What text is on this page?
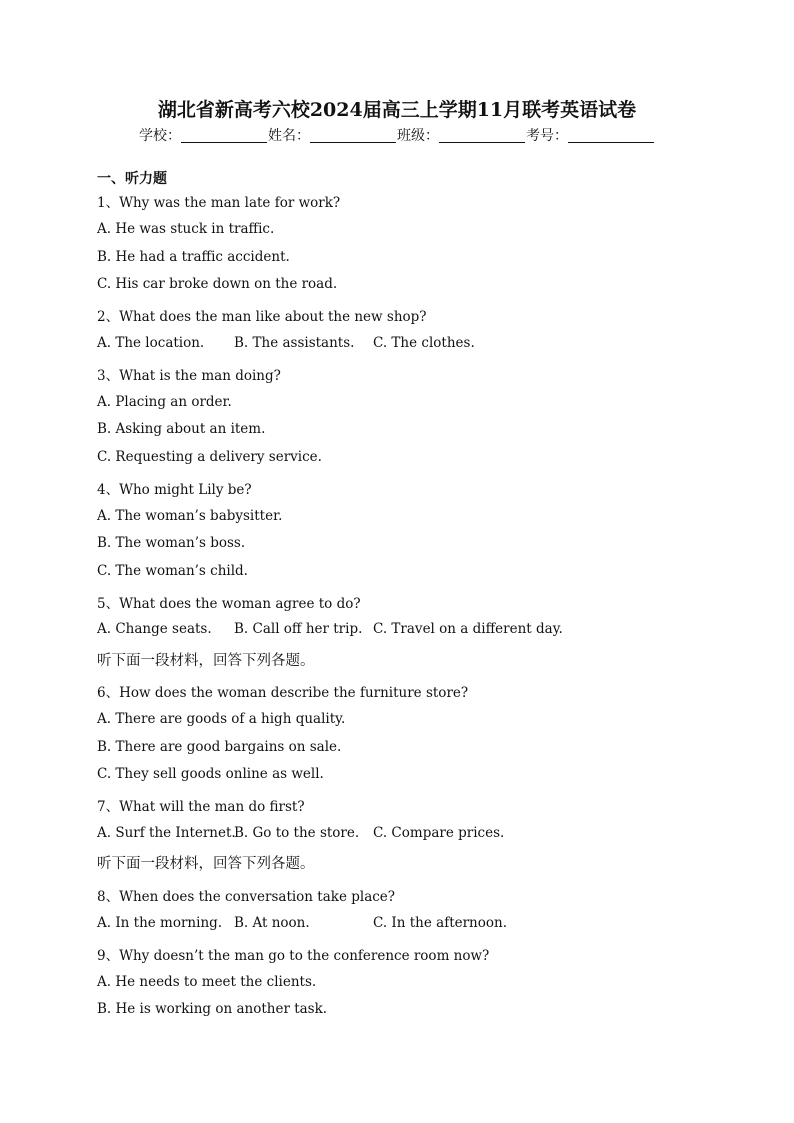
湖北省新高考六校2024届高三上学期11月联考英语试卷
学校：	姓名：	班级：	考号：
一、听力题
1、Why was the man late for work?
A. He was stuck in traffic.
B. He had a traffic accident.
C. His car broke down on the road.
2、What does the man like about the new shop?
A. The location. B. The assistants. C. The clothes.
3、What is the man doing?
A. Placing an order.
B. Asking about an item.
C. Requesting a delivery service.
4、Who might Lily be?
A. The woman’s babysitter.
B. The woman’s boss.
C. The woman’s child.
5、What does the woman agree to do?
A. Change seats. B. Call off her trip. C. Travel on a different day.
听下面一段材料，回答下列各题。
6、How does the woman describe the furniture store?
A. There are goods of a high quality.
B. There are good bargains on sale.
C. They sell goods online as well.
7、What will the man do first?
A. Surf the Internet.
B. Go to the store. C. Compare prices.
听下面一段材料，回答下列各题。
8、When does the conversation take place?
A. In the morning. B. At noon.	C. In the afternoon.
9、Why doesn’t the man go to the conference room now?
A. He needs to meet the clients.
B. He is working on another task.
